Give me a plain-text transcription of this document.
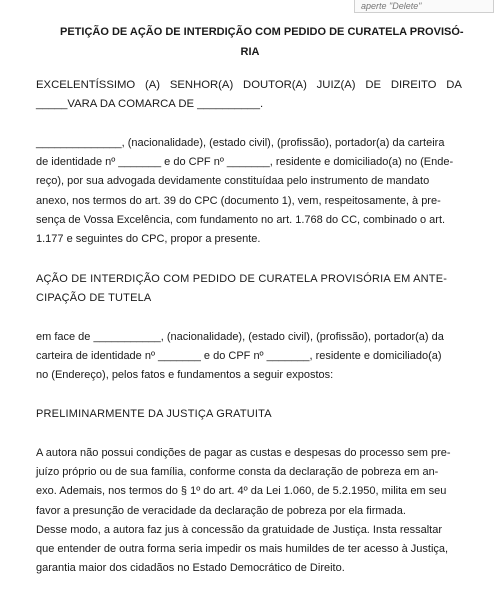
aperte "Delete"
PETIÇÃO DE AÇÃO DE INTERDIÇÃO COM PEDIDO DE CURATELA PROVISÓ-
RIA
EXCELENTÍSSIMO (A) SENHOR(A) DOUTOR(A) JUIZ(A) DE DIREITO DA
_____VARA DA COMARCA DE __________.
______________, (nacionalidade), (estado civil), (profissão), portador(a) da carteira
de identidade nº _______ e do CPF nº _______, residente e domiciliado(a) no (Ende-
reço), por sua advogada devidamente constituídaa pelo instrumento de mandato
anexo, nos termos do art. 39 do CPC (documento 1), vem, respeitosamente, à pre-
sença de Vossa Excelência, com fundamento no art. 1.768 do CC, combinado o art.
1.177 e seguintes do CPC, propor a presente.
AÇÃO DE INTERDIÇÃO COM PEDIDO DE CURATELA PROVISÓRIA EM ANTE-
CIPAÇÃO DE TUTELA
em face de ___________, (nacionalidade), (estado civil), (profissão), portador(a) da
carteira de identidade nº _______ e do CPF nº _______, residente e domiciliado(a)
no (Endereço), pelos fatos e fundamentos a seguir expostos:
PRELIMINARMENTE DA JUSTIÇA GRATUITA
A autora não possui condições de pagar as custas e despesas do processo sem pre-
juízo próprio ou de sua família, conforme consta da declaração de pobreza em an-
exo. Ademais, nos termos do § 1º do art. 4º da Lei 1.060, de 5.2.1950, milita em seu
favor a presunção de veracidade da declaração de pobreza por ela firmada.
Desse modo, a autora faz jus à concessão da gratuidade de Justiça. Insta ressaltar
que entender de outra forma seria impedir os mais humildes de ter acesso à Justiça,
garantia maior dos cidadãos no Estado Democrático de Direito.
